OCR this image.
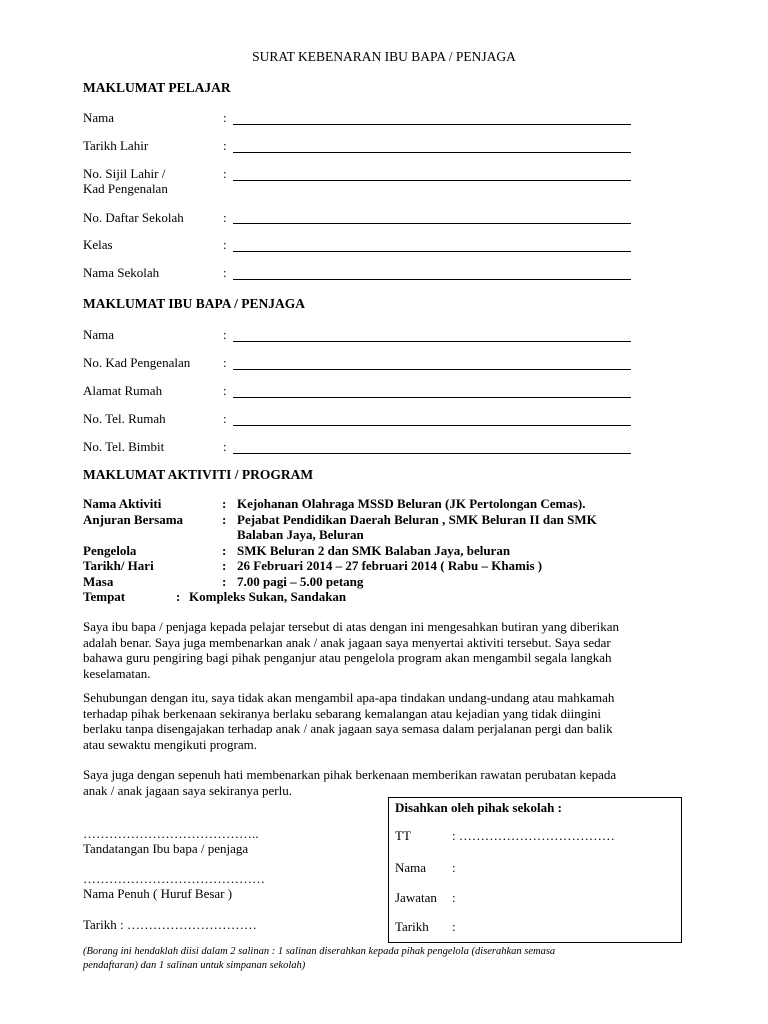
SURAT KEBENARAN IBU BAPA / PENJAGA
MAKLUMAT PELAJAR
Nama	:
Tarikh Lahir	:
No. Sijil Lahir /
Kad Pengenalan
:
No. Daftar Sekolah	:
Kelas	:
Nama Sekolah	:
MAKLUMAT IBU BAPA / PENJAGA
Nama	:
No. Kad Pengenalan	:
Alamat Rumah	:
No. Tel. Rumah	:
No. Tel. Bimbit	:
MAKLUMAT AKTIVITI / PROGRAM
Nama Aktiviti	: Kejohanan Olahraga MSSD Beluran (JK Pertolongan Cemas).
Anjuran Bersama	: Pejabat Pendidikan Daerah Beluran , SMK Beluran II dan SMK
Balaban Jaya, Beluran
Pengelola	: SMK Beluran 2 dan SMK Balaban Jaya, beluran
Tarikh/ Hari	: 26 Februari 2014 – 27 februari 2014 ( Rabu – Khamis )
Masa	: 7.00 pagi – 5.00 petang
Tempat	: Kompleks Sukan, Sandakan
Saya ibu bapa / penjaga kepada pelajar tersebut di atas dengan ini mengesahkan butiran yang diberikan
adalah benar. Saya juga membenarkan anak / anak jagaan saya menyertai aktiviti tersebut. Saya sedar
bahawa guru pengiring bagi pihak penganjur atau pengelola program akan mengambil segala langkah
keselamatan.
Sehubungan dengan itu, saya tidak akan mengambil apa-apa tindakan undang-undang atau mahkamah
terhadap pihak berkenaan sekiranya berlaku sebarang kemalangan atau kejadian yang tidak diingini
berlaku tanpa disengajakan terhadap anak / anak jagaan saya semasa dalam perjalanan pergi dan balik
atau sewaktu mengikuti program.
Saya juga dengan sepenuh hati membenarkan pihak berkenaan memberikan rawatan perubatan kepada
anak / anak jagaan saya sekiranya perlu.
…………………………………..
Tandatangan Ibu bapa / penjaga
……………………………………
Nama Penuh ( Huruf Besar )
Tarikh : …………………………
Disahkan oleh pihak sekolah :
TT	: ………………………………
Nama :
Jawatan :
Tarikh :
(Borang ini hendaklah diisi dalam 2 salinan : 1 salinan diserahkan kepada pihak pengelola (diserahkan semasa
pendaftaran) dan 1 salinan untuk simpanan sekolah)
